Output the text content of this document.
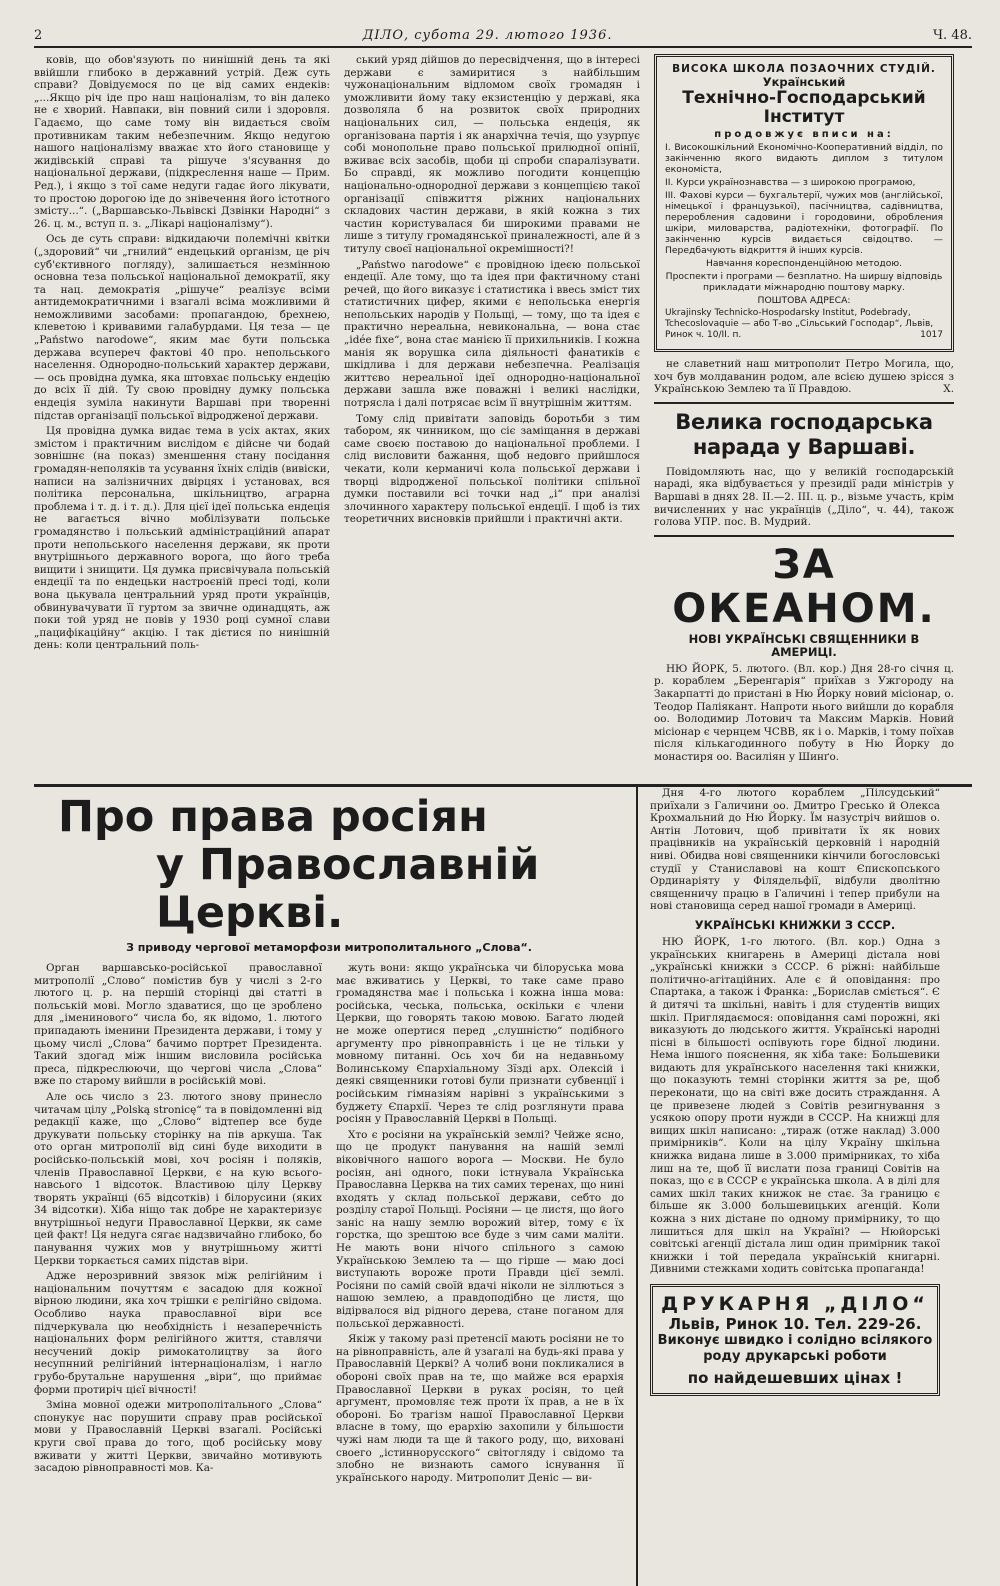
2	ДІЛО, субота 29. лютого 1936.	Ч. 48.

ковів, що обов'язують по нинішній день та які ввійшли глибоко в державний устрій. Деж суть справи? Довідуємося по це від самих ендеків: „...Якщо річ іде про наш націоналізм, то він далеко не є хворий. Навпаки, він повний сили і здоровля. Гадаємо, що саме тому він видається своїм противникам таким небезпечним. Якщо недугою нашого націоналізму вважає хто його становище у жидівській справі та рішуче з'ясування до національної держави, (підкреслення наше — Прим. Ред.), і якщо з тої саме недуги гадає його лікувати, то простою дорогою іде до знівечення його істотного змісту...“. („Варшавсько-Львівскі Дзвінки Народні“ з 26. ц. м., вступ п. з. „Лікарі націоналізму“).

Ось де суть справи: відкидаючи полемічні квітки („здоровий“ чи „гнилий“ ендецький організм, це річ суб'єктивного погляду), залишається незмінною основна теза польської національної демократії, яку та нац. демократія „рішуче“ реалізує всіми антидемократичними і взагалі всіма можливими й неможливими засобами: пропагандою, брехнею, клеветою і кривавими галабурдами. Ця теза — це „Państwo narodowe“, яким має бути польська держава всупереч фактові 40 про. непольського населення. Однородно-польський характер держави, — ось провідна думка, яка штовхає польську ендецію до всіх її дій. Ту свою провідну думку польська ендеція зуміла накинути Варшаві при творенні підстав організації польської відродженої держави.

Ця провідна думка видає тема в усіх актах, яких змістом і практичним вислідом є дійсне чи бодай зовнішнє (на показ) зменшення стану посідання громадян-неполяків та усування їхніх слідів (вивіски, написи на залізничних двірцях і установах, вся політика персональна, шкільництво, аграрна проблема і т. д. і т. д.). Для цієї ідеї польська ендеція не вагається вічно мобілізувати польське громадянство і польський адміністраційний апарат проти непольського населення держави, як проти внутрішнього державного ворога, що його треба вищити і знищити. Ця думка присвічувала польській ендеції та по ендецьки настроєній пресі тоді, коли вона цькувала центральний уряд проти українців, обвинувачувати її гуртом за звичне одинадцять, аж поки той уряд не повів у 1930 році сумної слави „пацифікаційну“ акцію. І так дієтися по нинішній день: коли центральний поль-

ський уряд дійшов до пересвідчення, що в інтересі держави є замиритися з найбільшим чужонаціональним відломом своїх громадян і уможливити йому таку екзистенцію у державі, яка дозволяла б на розвиток своїх природних національних сил, — польська ендеція, як організована партія і як анархічна течія, що узурпує собі монопольне право польської прилюдної опінії, вживає всіх засобів, щоби ці спроби спаралізувати. Бо справді, як можливо погодити концепцію національно-однородної держави з концепцією такої організації співжиття ріжних національних складових частин держави, в якій кожна з тих частин користувалася би широкими правами не лише з титулу громадянської приналежності, але й з титулу своєї національної окремішності?!

„Państwo narodowe“ є провідною ідеєю польської ендеції. Але тому, що та ідея при фактичному стані речей, що його виказує і статистика і ввесь зміст тих статистичних цифер, якими є непольська енергія непольських народів у Польщі, — тому, що та ідея є практично нереальна, невикональна, — вона стає „idée fixe“, вона стає манією її прихильників. І кожна манія як ворушка сила діяльності фанатиків є шкідлива і для держави небезпечна. Реалізація життєво нереальної ідеї однородно-національної держави зашла вже поважні і великі наслідки, потрясла і далі потрясає всім її внутрішнім життям.

Тому слід привітати заповідь боротьби з тим табором, як чинником, що сіє заміщання в державі саме своєю поставою до національної проблеми. І слід висловити бажання, щоб недовго прийшлося чекати, коли керманичі кола польської держави і творці відродженої польської політики спільної думки поставили всі точки над „і“ при аналізі злочинного характеру польської ендеції. І щоб із тих теоретичних висновків прийшли і практичні акти.

ВИСОКА ШКОЛА ПОЗАОЧНИХ СТУДІЙ.
Український
Технічно-Господарський Інститут
продовжує вписи на:

І. Високошкільний Економічно-Кооперативний відділ, по закінченню якого видають диплом з титулом економіста,

ІІ. Курси українознавства — з широкою програмою,

ІІІ. Фахові курси — бухгальтерії, чужих мов (англійської, німецької і французької), пасічництва, садівництва, переробления садовини і городовини, обробления шкіри, миловарства, радіотехніки, фотографії. По закінченню курсів видається свідоцтво. — Передбачують відкриття й інших курсів.

Навчання кореспонденційною методою.

Проспекти і програми — безплатно. На ширшу відповідь прикладати міжнародню поштову марку.

ПОШТОВА АДРЕСА:

Ukrajinsky Technicko-Hospodarsky Institut, Podebrady, Tchecoslovaquie — або Т-во „Сільський Господар“, Львів, Ринок ч. 10/II. п.	1017

не славетний наш митрополит Петро Могила, що, хоч був молдаванин родом, але всією душею зрісся з Українською Землею та її Правдою.	Х.

Велика господарська нарада у Варшаві.

Повідомляють нас, що у великій господарській нараді, яка відбувається у президії ради міністрів у Варшаві в днях 28. II.—2. III. ц. р., візьме участь, крім вичисленних у нас українців („Діло“, ч. 44), також голова УПР. пос. В. Мудрий.

ЗА ОКЕАНОМ.
НОВІ УКРАЇНСЬКІ СВЯЩЕННИКИ В АМЕРИЦІ.

НЮ ЙОРК, 5. лютого. (Вл. кор.) Дня 28-го січня ц. р. кораблем „Беренгарія“ приїхав з Ужгороду на Закарпатті до пристані в Ню Йорку новий місіонар, о. Теодор Паліякант. Напроти нього вийшли до корабля оо. Володимир Лотович та Максим Марків. Новий місіонар є чернцем ЧСВВ, як і о. Марків, і тому поїхав після кількагодинного побуту в Ню Йорку до монастиря оо. Василіян у Шинґо.

Про права росіян
у Православній Церкві.
З приводу чергової метаморфози митрополитального „Слова“.

Орган варшавсько-російської православної митрополії „Слово“ помістив був у числі з 2-го лютого ц. р. на першій сторінці дві статті в польській мові. Могло здаватися, що це зроблено для „іменинового“ числа бо, як відомо, 1. лютого припадають іменини Президента держави, і тому у цьому числі „Слова“ бачимо портрет Президента. Такий здогад між іншим висловила російська преса, підкреслюючи, що чергові числа „Слова“ вже по старому вийшли в російській мові.

Але ось число з 23. лютого знову принесло читачам цілу „Polską stronicę“ та в повідомленні від редакції каже, що „Слово“ відтепер все буде друкувати польську сторінку на пів аркуша. Так ото орган митрополії від сині буде виходити в російсько-польській мові, хоч росіян і поляків, членів Православної Церкви, є на кую всього-навсього 1 відсоток. Властивою цілу Церкву творять українці (65 відсотків) і білорусини (яких 34 відсотки). Хіба ніщо так добре не характеризує внутрішньої недуги Православної Церкви, як саме цей факт! Ця недуга сягає надзвичайно глибоко, бо панування чужих мов у внутрішньому житті Церкви торкається самих підстав віри.

Адже нерозривний звязок між релігійним і національним почуттям є засадою для кожної вірною людини, яка хоч трішки є релігійно свідома. Особливо наука православної віри все підчеркувала цю необхідність і незаперечність національних форм релігійного життя, ставлячи несучений докір римокатолицтву за його несупнний релігійний інтернаціоналізм, і нагло грубо-брутальне нарушення „віри“, що приймає форми протиріч цієї вічності!

Зміна мовної одежи митрополітального „Слова“ спонукує нас порушити справу прав російської мови у Православній Церкві взагалі. Російські круги свої права до того, щоб російську мову вживати у житті Церкви, звичайно мотивують засадою рівноправності мов. Ка-

жуть вони: якщо українська чи білоруська мова має вживатись у Церкві, то таке саме право громадянства має і польська і кожна інша мова: російська, чеська, польська, оскільки є члени Церкви, що говорять такою мовою. Багато людей не може опертися перед „слушністю“ подібного аргументу про рівноправність і це не тільки у мовному питанні. Ось хоч би на недавньому Волинському Єпархіальному Зїзді арх. Олексій і деякі священники готові були признати субвенції і російським гімназіям нарівні з українськими з буджету Єпархії. Через те слід розглянути права росіян у Православній Церкві в Польщі.

Хто є росіяни на українській землі? Чейже ясно, що це продукт панування на нашій землі віковічного нашого ворога — Москви. Не було росіян, ані одного, поки істнувала Українська Православна Церква на тих самих теренах, що нині входять у склад польської держави, себто до розділу старої Польщі. Росіяни — це листя, що його заніс на нашу землю ворожий вітер, тому є їх горстка, що зрештою все буде з чим сами маліти. Не мають вони нічого спільного з самою Українською Землею та — що гірше — маю досі виступають вороже проти Правди цієї землі. Росіяни по самій своїй вдачі ніколи не зіллються з нашою землею, а правдоподібно це листя, що відірвалося від рідного дерева, стане поганом для польської державності.

Якіж у такому разі претенсії мають росіяни не то на рівноправність, але й узагалі на будь-які права у Православній Церкві? А чолиб вони покликалися в обороні своїх прав на те, що майже вся ерархія Православної Церкви в руках росіян, то цей аргумент, промовляє теж проти їх прав, а не в їх обороні. Бо трагізм нашої Православної Церкви власне в тому, що ерархію захопили у більшости чужі нам люди та ще й такого роду, що, виховані своего „істиннорусского“ світогляду і свідомо та злобно не визнають самого існування її українського народу. Митрополит Деніс — ви-

Дня 4-го лютого кораблем „Пілсудський“ приїхали з Галичини оо. Дмитро Гресько й Олекса Крохмальний до Ню Йорку. Їм назустріч вийшов о. Антін Лотович, щоб привітати їх як нових працівників на українській церковній і народній ниві. Обидва нові священники кінчили богословські студії у Станиславові на кошт Єпископського Ординаріяту у Філядельфії, відбули дволітню священничу працю в Галичині і тепер прибули на нові становища серед нашої громади в Америці.

УКРАЇНСЬКІ КНИЖКИ З СССР.

НЮ ЙОРК, 1-го лютого. (Вл. кор.) Одна з українських книгарень в Америці дістала нові „українські книжки з СССР. 6 ріжні: найбільше політично-агітаційних. Але є й оповідання: про Спартака, а також і Франка: „Борислав сміється“. Є й дитячі та шкільні, навіть і для студентів вищих шкіл. Приглядаємося: оповідання самі порожні, які виказують до людського життя. Українські народні пісні в більшості оспівують горе бідної людини. Нема іншого пояснення, як хіба таке: Большевики видають для українського населення такі книжки, що показують темні сторінки життя за ре, щоб переконати, що на світі вже досить страждання. А це привезене людей з Совітів резигнування з усякою опору проти нужди в СССР. На книжці для вищих шкіл написано: „тираж (отже наклад) 3.000 примірників“. Коли на цілу Україну шкільна книжка видана лише в 3.000 примірниках, то хіба лиш на те, щоб її вислати поза границі Совітів на показ, що є в СССР є українська школа. А в ділі для самих шкіл таких книжок не стає. За границю є більше як 3.000 большевицьких агенцій. Коли кожна з них дістане по одному примірнику, то що лишиться для шкіл на Україні? — Нюйорські совітські агенції дістала лиш один примірник такої книжки і той передала українській книгарні. Дивними стежками ходить совітська пропаганда!

ДРУКАРНЯ „ДІЛО“
Львів, Ринок 10. Тел. 229-26.
Виконує швидко і солідно всілякого роду друкарські роботи
по найдешевших цінах !
